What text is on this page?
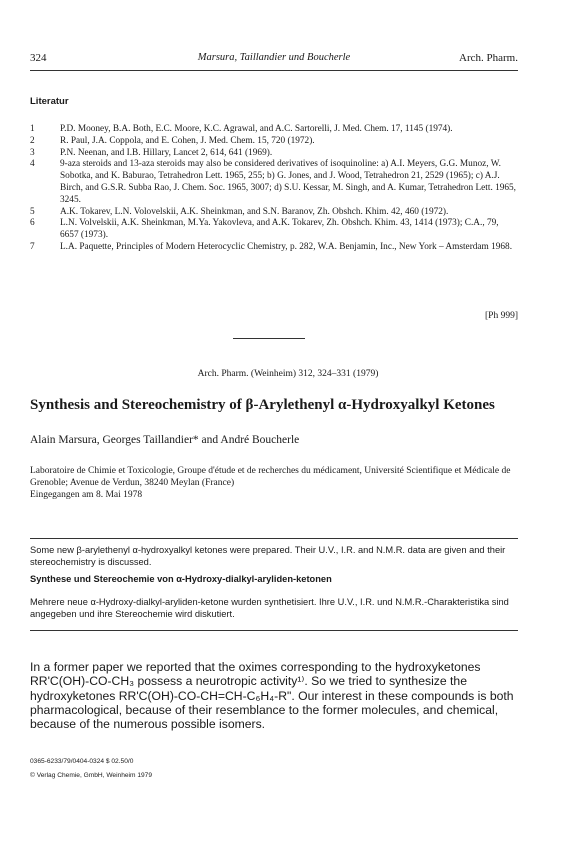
324	Marsura, Taillandier und Boucherle	Arch. Pharm.
Literatur
1	P.D. Mooney, B.A. Both, E.C. Moore, K.C. Agrawal, and A.C. Sartorelli, J. Med. Chem. 17, 1145 (1974).
2	R. Paul, J.A. Coppola, and E. Cohen, J. Med. Chem. 15, 720 (1972).
3	P.N. Neenan, and I.B. Hillary, Lancet 2, 614, 641 (1969).
4	9-aza steroids and 13-aza steroids may also be considered derivatives of isoquinoline: a) A.I. Meyers, G.G. Munoz, W. Sobotka, and K. Baburao, Tetrahedron Lett. 1965, 255; b) G. Jones, and J. Wood, Tetrahedron 21, 2529 (1965); c) A.J. Birch, and G.S.R. Subba Rao, J. Chem. Soc. 1965, 3007; d) S.U. Kessar, M. Singh, and A. Kumar, Tetrahedron Lett. 1965, 3245.
5	A.K. Tokarev, L.N. Volovelskii, A.K. Sheinkman, and S.N. Baranov, Zh. Obshch. Khim. 42, 460 (1972).
6	L.N. Volvelskii, A.K. Sheinkman, M.Ya. Yakovleva, and A.K. Tokarev, Zh. Obshch. Khim. 43, 1414 (1973); C.A., 79, 6657 (1973).
7	L.A. Paquette, Principles of Modern Heterocyclic Chemistry, p. 282, W.A. Benjamin, Inc., New York – Amsterdam 1968.
[Ph 999]
Arch. Pharm. (Weinheim) 312, 324–331 (1979)
Synthesis and Stereochemistry of β-Arylethenyl α-Hydroxyalkyl Ketones
Alain Marsura, Georges Taillandier* and André Boucherle
Laboratoire de Chimie et Toxicologie, Groupe d'étude et de recherches du médicament, Université Scientifique et Médicale de Grenoble; Avenue de Verdun, 38240 Meylan (France)
Eingegangen am 8. Mai 1978
Some new β-arylethenyl α-hydroxyalkyl ketones were prepared. Their U.V., I.R. and N.M.R. data are given and their stereochemistry is discussed.
Synthese und Stereochemie von α-Hydroxy-dialkyl-aryliden-ketonen
Mehrere neue α-Hydroxy-dialkyl-aryliden-ketone wurden synthetisiert. Ihre U.V., I.R. und N.M.R.-Charakteristika sind angegeben und ihre Stereochemie wird diskutiert.
In a former paper we reported that the oximes corresponding to the hydroxyketones RR'C(OH)-CO-CH₃ possess a neurotropic activity¹⁾. So we tried to synthesize the hydroxyketones RR'C(OH)-CO-CH=CH-C₆H₄-R". Our interest in these compounds is both pharmacological, because of their resemblance to the former molecules, and chemical, because of the numerous possible isomers.
0365-6233/79/0404-0324 $ 02.50/0
© Verlag Chemie, GmbH, Weinheim 1979
